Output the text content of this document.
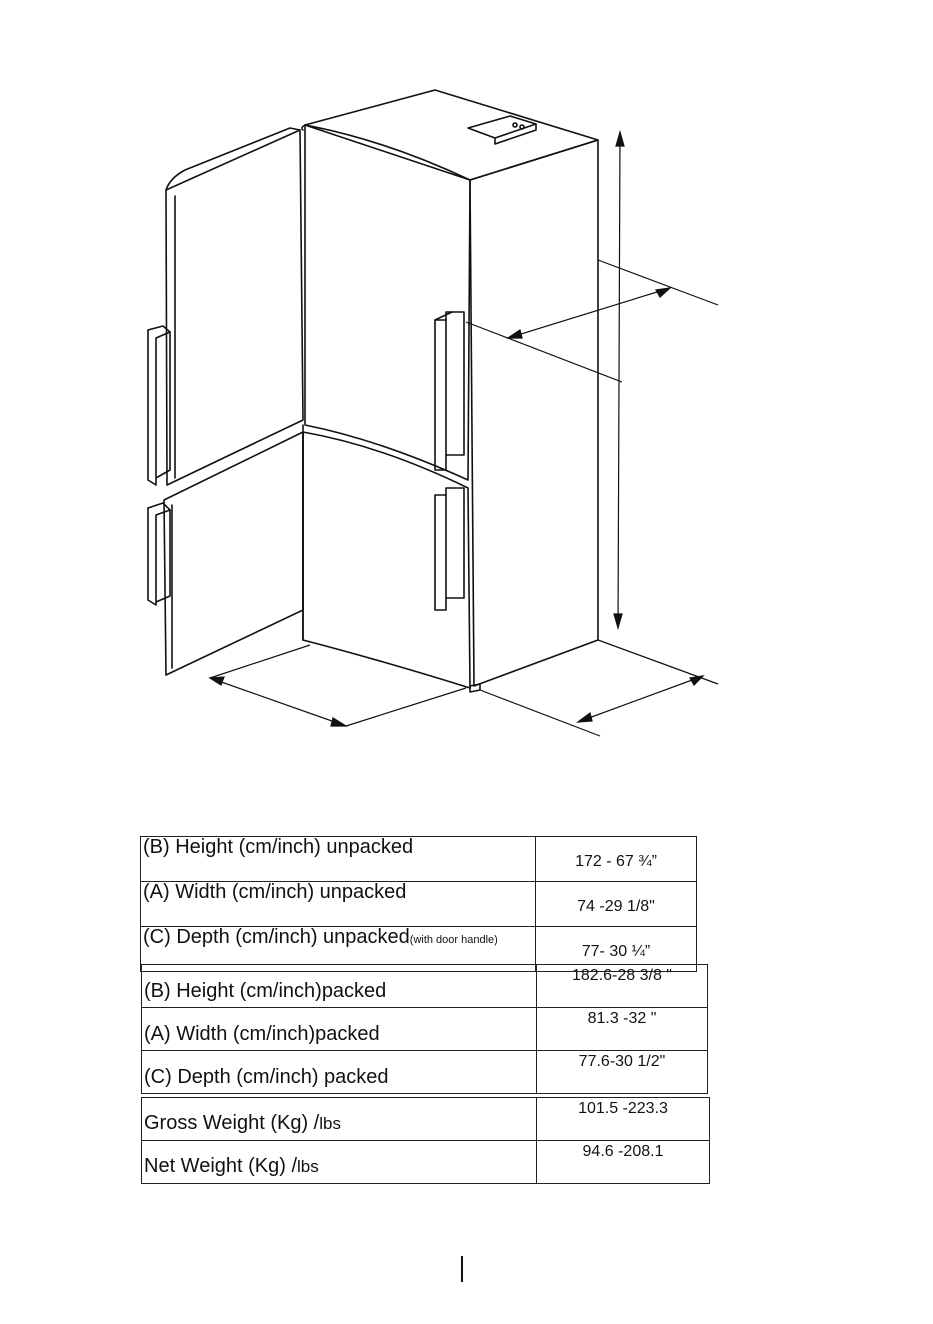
(B) Height (cm/inch) unpacked	172 - 67 ¾”
(A) Width (cm/inch) unpacked	74 -29 1/8"
(C) Depth (cm/inch) unpacked(with door handle)	77- 30 ¼”
(B) Height (cm/inch)packed	182.6-28 3/8 "
(A) Width (cm/inch)packed	81.3 -32 "
(C) Depth (cm/inch) packed	77.6-30 1/2"
Gross Weight (Kg) /lbs	101.5 -223.3
Net Weight (Kg) /lbs	94.6 -208.1
